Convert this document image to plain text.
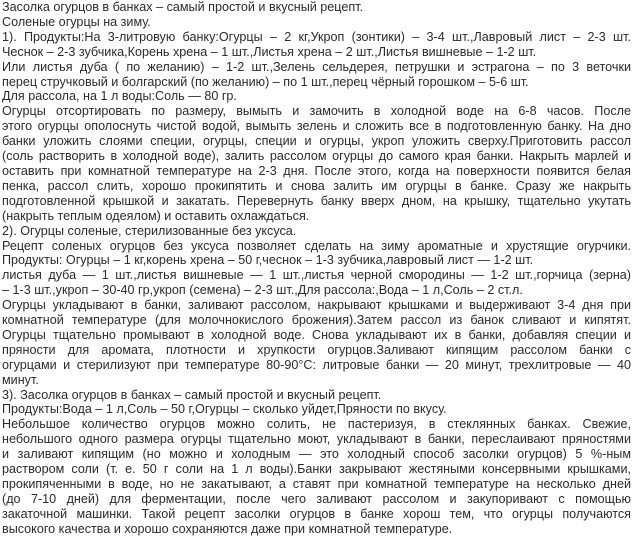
Засолка огурцов в банках – самый простой и вкусный рецепт.
Соленые огурцы на зиму.
1). Продукты:На 3-литровую банку:Огурцы – 2 кг,Укроп (зонтики) – 3-4 шт.,Лавровый лист – 2-3 шт.
Чеснок – 2-3 зубчика,Корень хрена – 1 шт.,Листья хрена – 2 шт.,Листья вишневые – 1-2 шт.
Или листья дуба ( по желанию) – 1-2 шт.,Зелень сельдерея, петрушки и эстрагона – по 3 веточки
перец стручковый и болгарский (по желанию) – по 1 шт.,перец чёрный горошком – 5-6 шт.
Для рассола, на 1 л воды:Соль — 80 гр.
Огурцы отсортировать по размеру, вымыть и замочить в холодной воде на 6-8 часов. После
этого огурцы ополоснуть чистой водой, вымыть зелень и сложить все в подготовленную банку. На дно
банки уложить слоями специи, огурцы, специи и огурцы, укроп уложить сверху.Приготовить рассол
(соль растворить в холодной воде), залить рассолом огурцы до самого края банки. Накрыть марлей и
оставить при комнатной температуре на 2-3 дня. После этого, когда на поверхности появится белая
пенка, рассол слить, хорошо прокипятить и снова залить им огурцы в банке. Сразу же накрыть
подготовленной крышкой и закатать. Перевернуть банку вверх дном, на крышку, тщательно укутать
(накрыть теплым одеялом) и оставить охлаждаться.
2). Огурцы соленые, стерилизованные без уксуса.
Рецепт соленых огурцов без уксуса позволяет сделать на зиму ароматные и хрустящие огурчики.
Продукты: Огурцы – 1 кг,корень хрена – 50 г,чеснок – 1-3 зубчика,лавровый лист — 1-2 шт.
листья дуба — 1 шт.,листья вишневые — 1 шт.,листья черной смородины — 1-2 шт.,горчица (зерна)
– 1-3 шт.,укроп – 30-40 гр,укроп (семена) – 2-3 шт.,Для рассола:,Вода – 1 л,Соль – 2 ст.л.
Огурцы укладывают в банки, заливают рассолом, накрывают крышками и выдерживают 3-4 дня при
комнатной температуре (для молочнокислого брожения).Затем рассол из банок сливают и кипятят.
Огурцы тщательно промывают в холодной воде. Снова укладывают их в банки, добавляя специи и
пряности для аромата, плотности и хрупкости огурцов.Заливают кипящим рассолом банки с
огурцами и стерилизуют при температуре 80-90°С: литровые банки — 20 минут, трехлитровые — 40
минут.
3). Засолка огурцов в банках – самый простой и вкусный рецепт.
Продукты:Вода – 1 л,Соль – 50 г,Огурцы – сколько уйдет,Пряности по вкусу.
Небольшое количество огурцов можно солить, не пастеризуя, в стеклянных банках. Свежие,
небольшого одного размера огурцы тщательно моют, укладывают в банки, переслаивают пряностями
и заливают кипящим (но можно и холодным — это холодный способ засолки огурцов) 5 %-ным
раствором соли (т. е. 50 г соли на 1 л воды).Банки закрывают жестяными консервными крышками,
прокипяченными в воде, но не закатывают, а ставят при комнатной температуре на несколько дней
(до 7-10 дней) для ферментации, после чего заливают рассолом и закупоривают с помощью
закаточной машинки. Такой рецепт засолки огурцов в банке хорош тем, что огурцы получаются
высокого качества и хорошо сохраняются даже при комнатной температуре.
